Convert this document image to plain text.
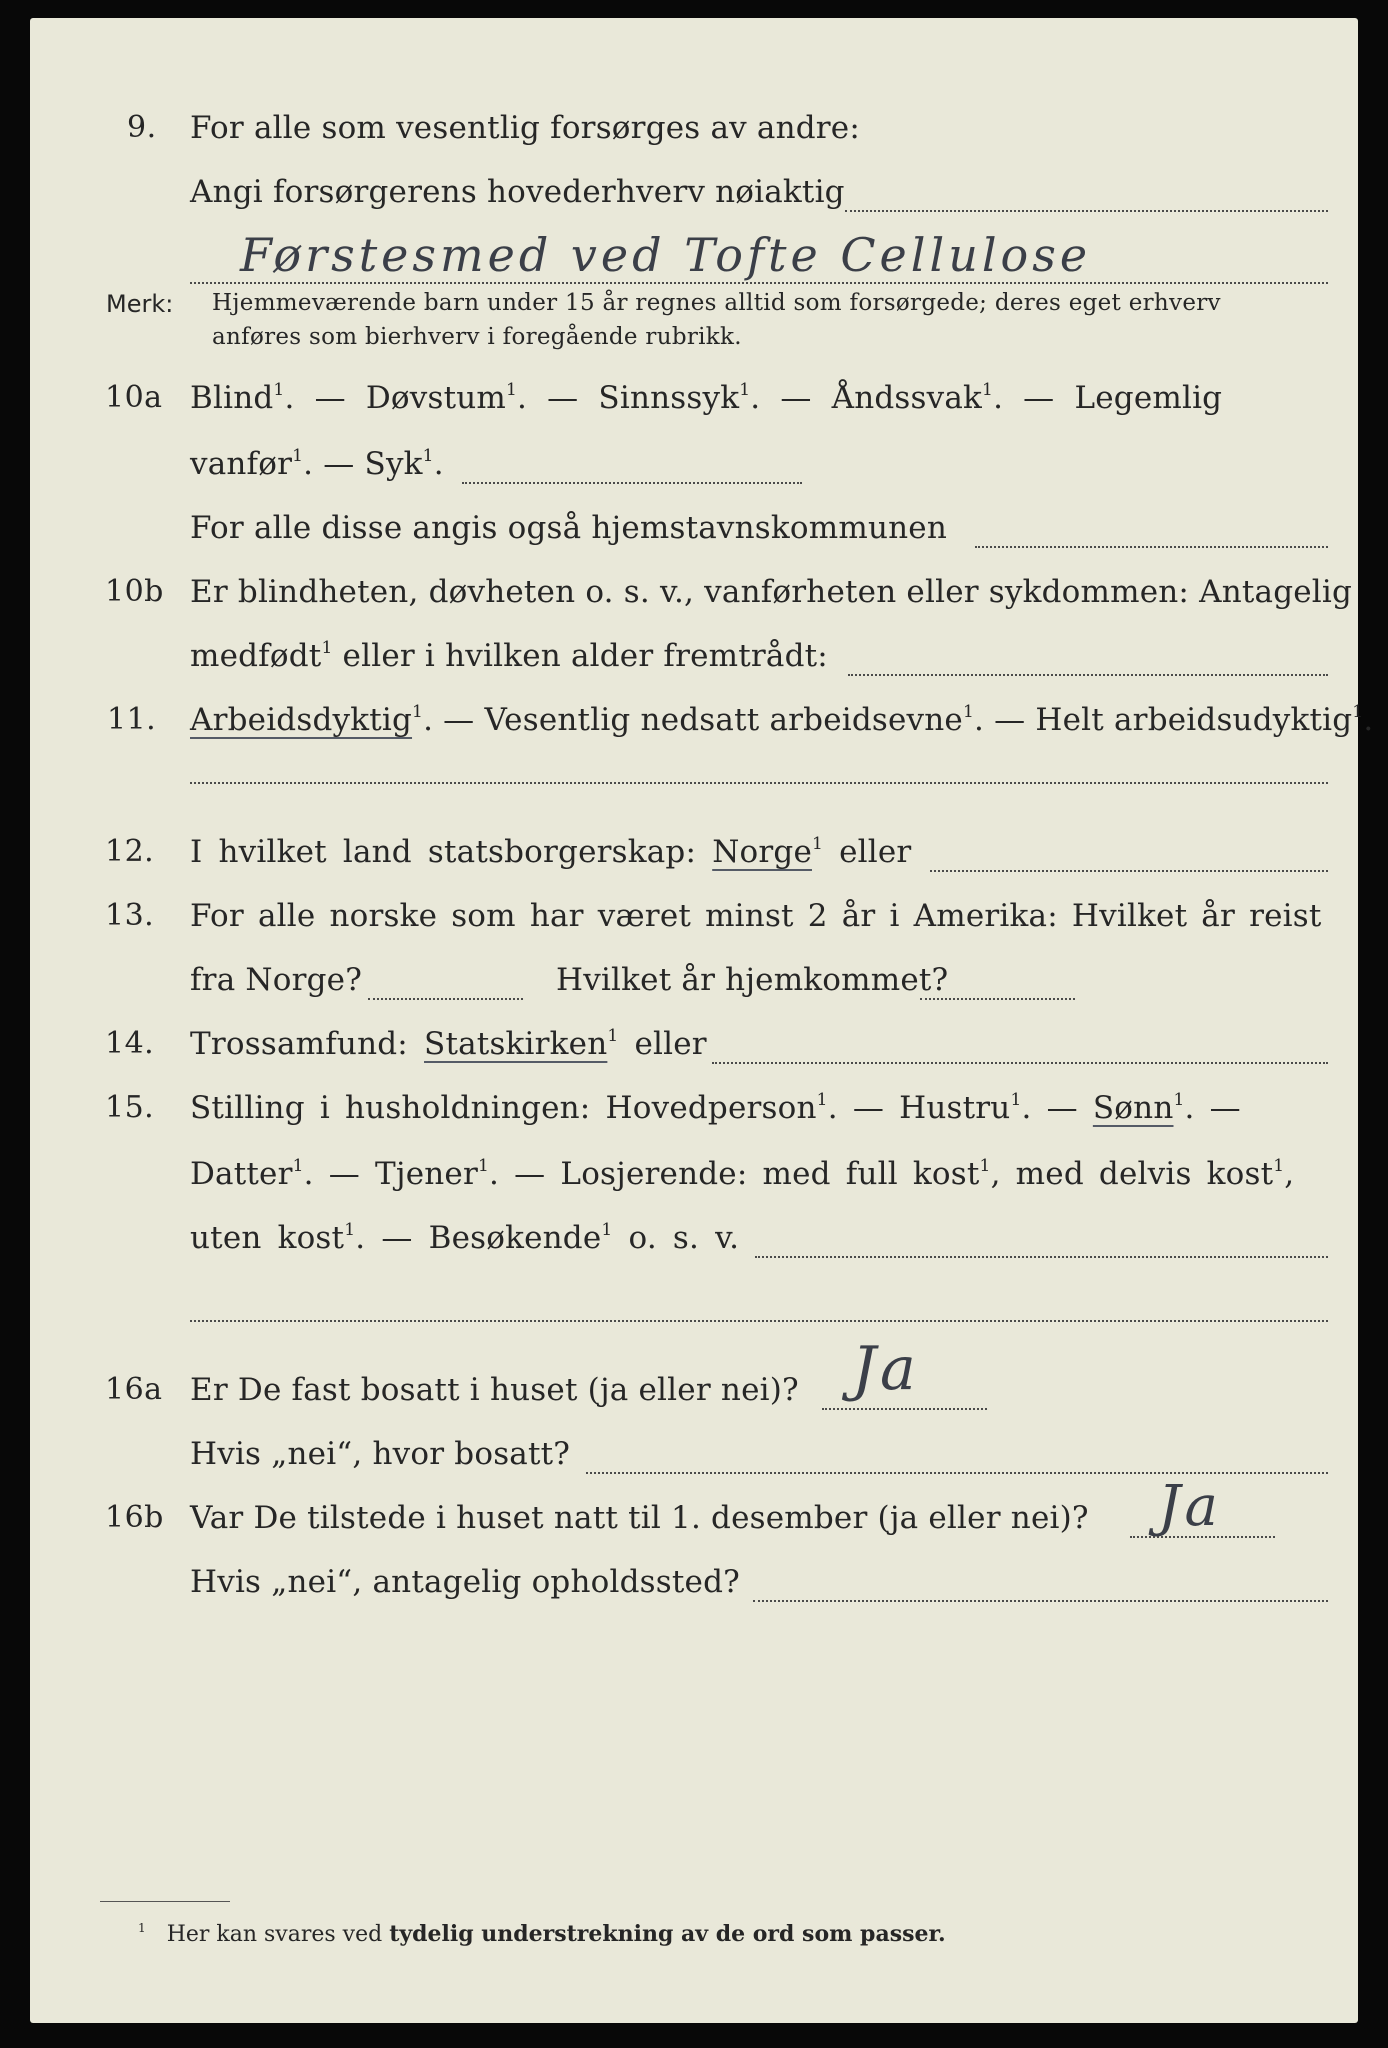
9. For alle som vesentlig forsørges av andre:
Angi forsørgerens hovederhverv nøiaktig
Førstesmed ved Tofte Cellulose
Merk: Hjemmeværende barn under 15 år regnes alltid som forsørgede; deres eget erhverv
anføres som bierhverv i foregående rubrikk.
10a Blind$^1$. — Døvstum$^1$. — Sinnssyk$^1$. — Åndssvak$^1$. — Legemlig
vanfør$^1$. — Syk$^1$.
For alle disse angis også hjemstavnskommunen
10b Er blindheten, døvheten o. s. v., vanførheten eller sykdommen: Antagelig
medfødt$^1$ eller i hvilken alder fremtrådt:
11. Arbeidsdyktig$^1$. — Vesentlig nedsatt arbeidsevne$^1$. — Helt arbeidsudyktig$^1$.
12. I hvilket land statsborgerskap: Norge$^1$ eller
13. For alle norske som har været minst 2 år i Amerika: Hvilket år reist
fra Norge?	Hvilket år hjemkommet?
14. Trossamfund: Statskirken$^1$ eller
15. Stilling i husholdningen: Hovedperson$^1$. — Hustru$^1$. — Sønn$^1$. —
Datter$^1$. — Tjener$^1$. — Losjerende: med full kost$^1$, med delvis kost$^1$,
uten kost$^1$. — Besøkende$^1$ o. s. v.
16a Er De fast bosatt i huset (ja eller nei)? Ja
Hvis „nei“, hvor bosatt?
16b Var De tilstede i huset natt til 1. desember (ja eller nei)? Ja
Hvis „nei“, antagelig opholdssted?
$^1$ Her kan svares ved tydelig understrekning av de ord som passer.
